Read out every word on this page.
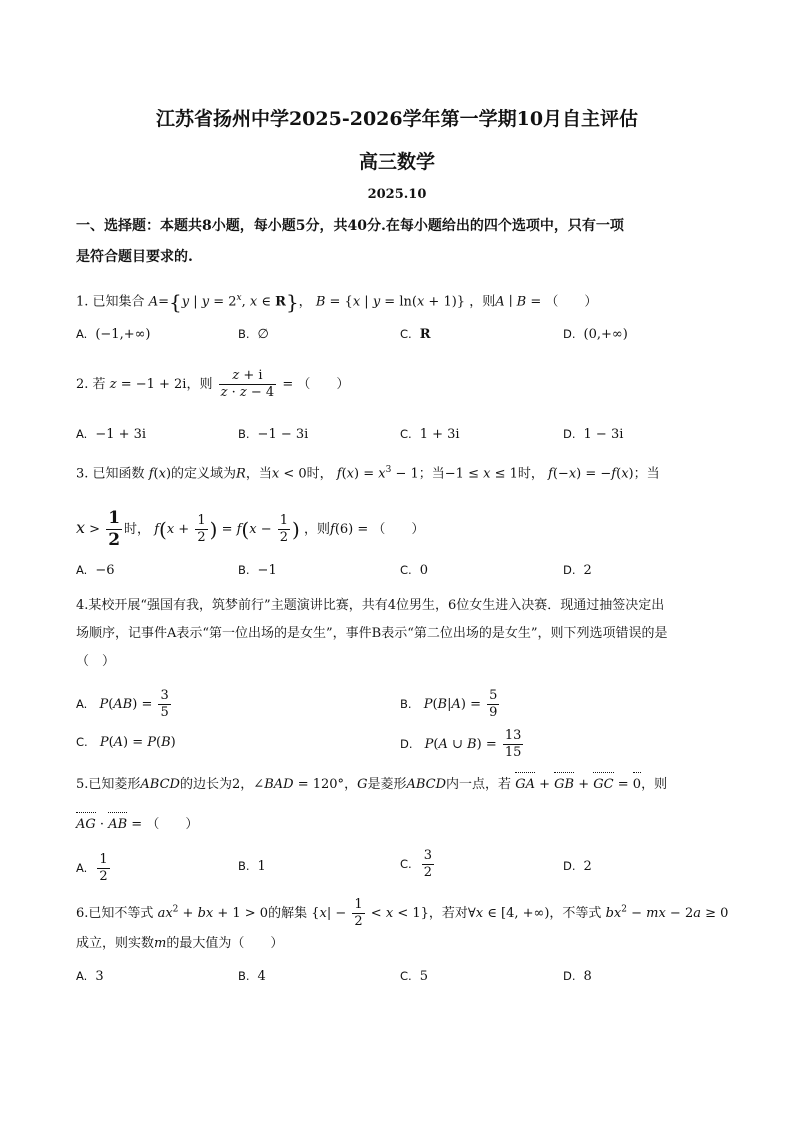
江苏省扬州中学2025-2026学年第一学期10月自主评估
高三数学
2025.10
一、选择题：本题共8小题，每小题5分，共40分.在每小题给出的四个选项中，只有一项
是符合题目要求的.
1. 已知集合 A={y | $y = 2^x$, x ∈ R}， B = {x | y = ln(x + 1)} ，则A ∣ B = （　　）
A. (−1,+∞)	B. ∅	C. R	D. (0,+∞)
2. 若 z = −1 + 2i，则 $\frac{z + i}{z \cdot \overline{z} - 4}$ = （　　）
A. −1 + 3i	B. −1 − 3i	C. 1 + 3i	D. 1 − 3i
3. 已知函数 f(x)的定义域为R，当x < 0时， $f(x) = x^3 - 1$；当−1 ≤ x ≤ 1时， f(−x) = −f(x)；当
$x > \frac{1}{2}$ 时， $f(x + \frac{1}{2}$ ) = $f(x - \frac{1}{2}$ ) ，则f(6) = （　　）
A. −6	B. −1	C. 0	D. 2
4.某校开展“强国有我，筑梦前行”主题演讲比赛，共有4位男生，6位女生进入决赛．现通过抽签决定出
场顺序，记事件A表示“第一位出场的是女生”，事件B表示“第二位出场的是女生”，则下列选项错误的是
（　）
A. $P(AB) = \frac{3}{5}$	B. $P(B|A) = \frac{5}{9}$
C. P(A) = P(B)	D. P(A ∪ $B) = \frac{13}{15}$
5.已知菱形ABCD的边长为2，∠BAD = 120°，G是菱形ABCD内一点，若 GA + GB + GC = 0，则
AG · AB = （　　）
A. $\frac{1}{2}$	B. 1	C. $\frac{3}{2}$	D. 2
6.已知不等式 $ax^2$ + bx + 1 > 0的解集 $\{x| - \frac{1}{2} < x < 1\}$，若对∀x ∈ [4, +∞)，不等式 $bx^2$ − mx − 2a ≥ 0
成立，则实数m的最大值为（　　）
A. 3	B. 4	C. 5	D. 8
